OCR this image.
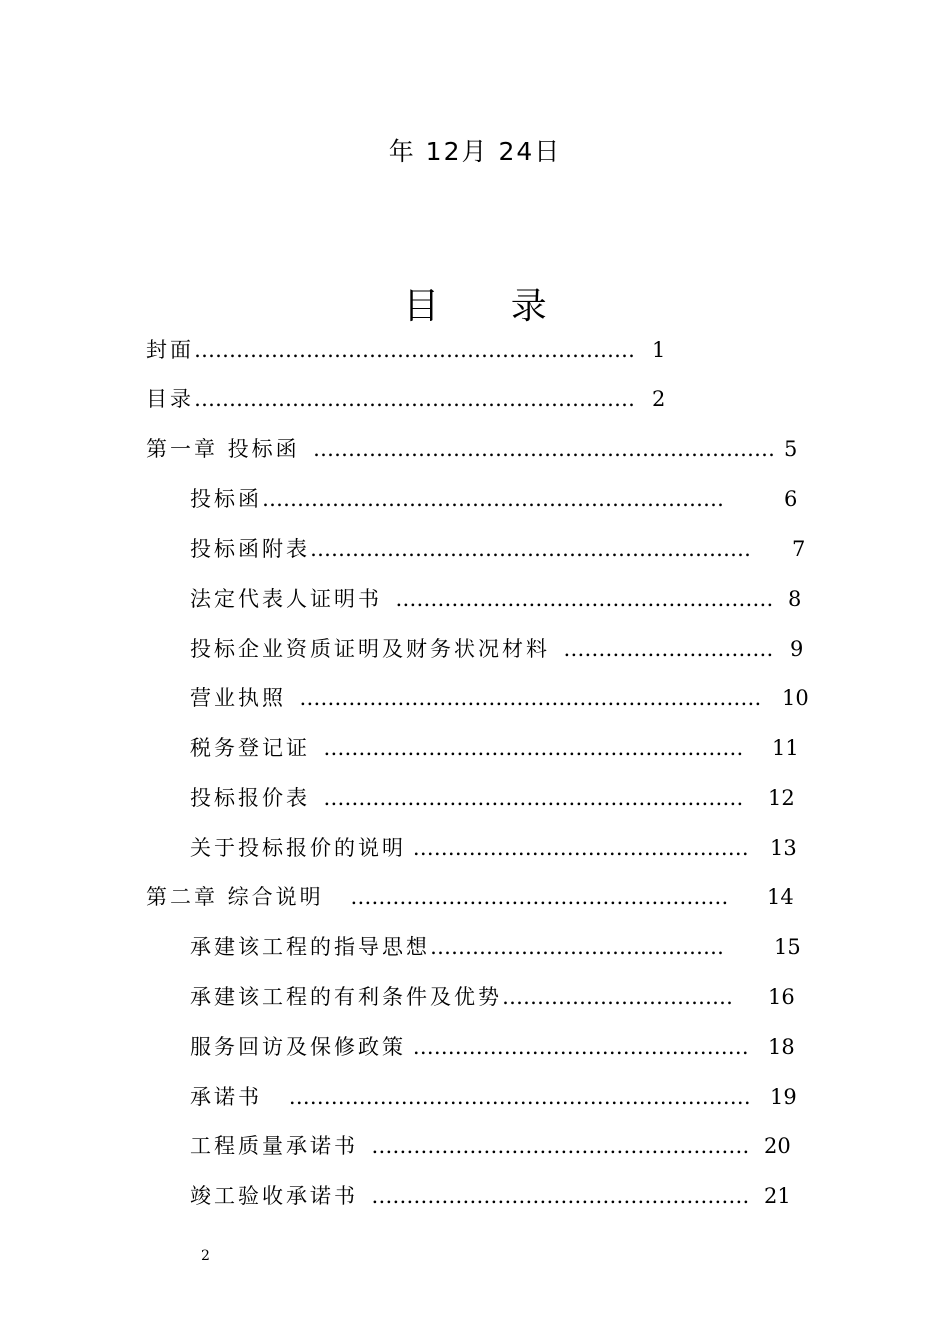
年 12月 24日
目 录
封面……………………………………………………… 1
目录……………………………………………………… 2
第一章 投标函 ………………………………………………………… 5
投标函…………………………………………………………	6
投标函附表……………………………………………………… 7
法定代表人证明书 ……………………………………………… 8
投标企业资质证明及财务状况材料 ………………………… 9
营业执照 ………………………………………………………… 10
税务登记证 …………………………………………………… 11
投标报价表 …………………………………………………… 12
关于投标报价的说明 ………………………………………… 13
第二章 综合说明 ……………………………………………… 14
承建该工程的指导思想…………………………………… 15
承建该工程的有利条件及优势…………………………… 16
服务回访及保修政策 ………………………………………… 18
承诺书 ………………………………………………………… 19
工程质量承诺书 ……………………………………………… 20
竣工验收承诺书 ……………………………………………… 21
2
